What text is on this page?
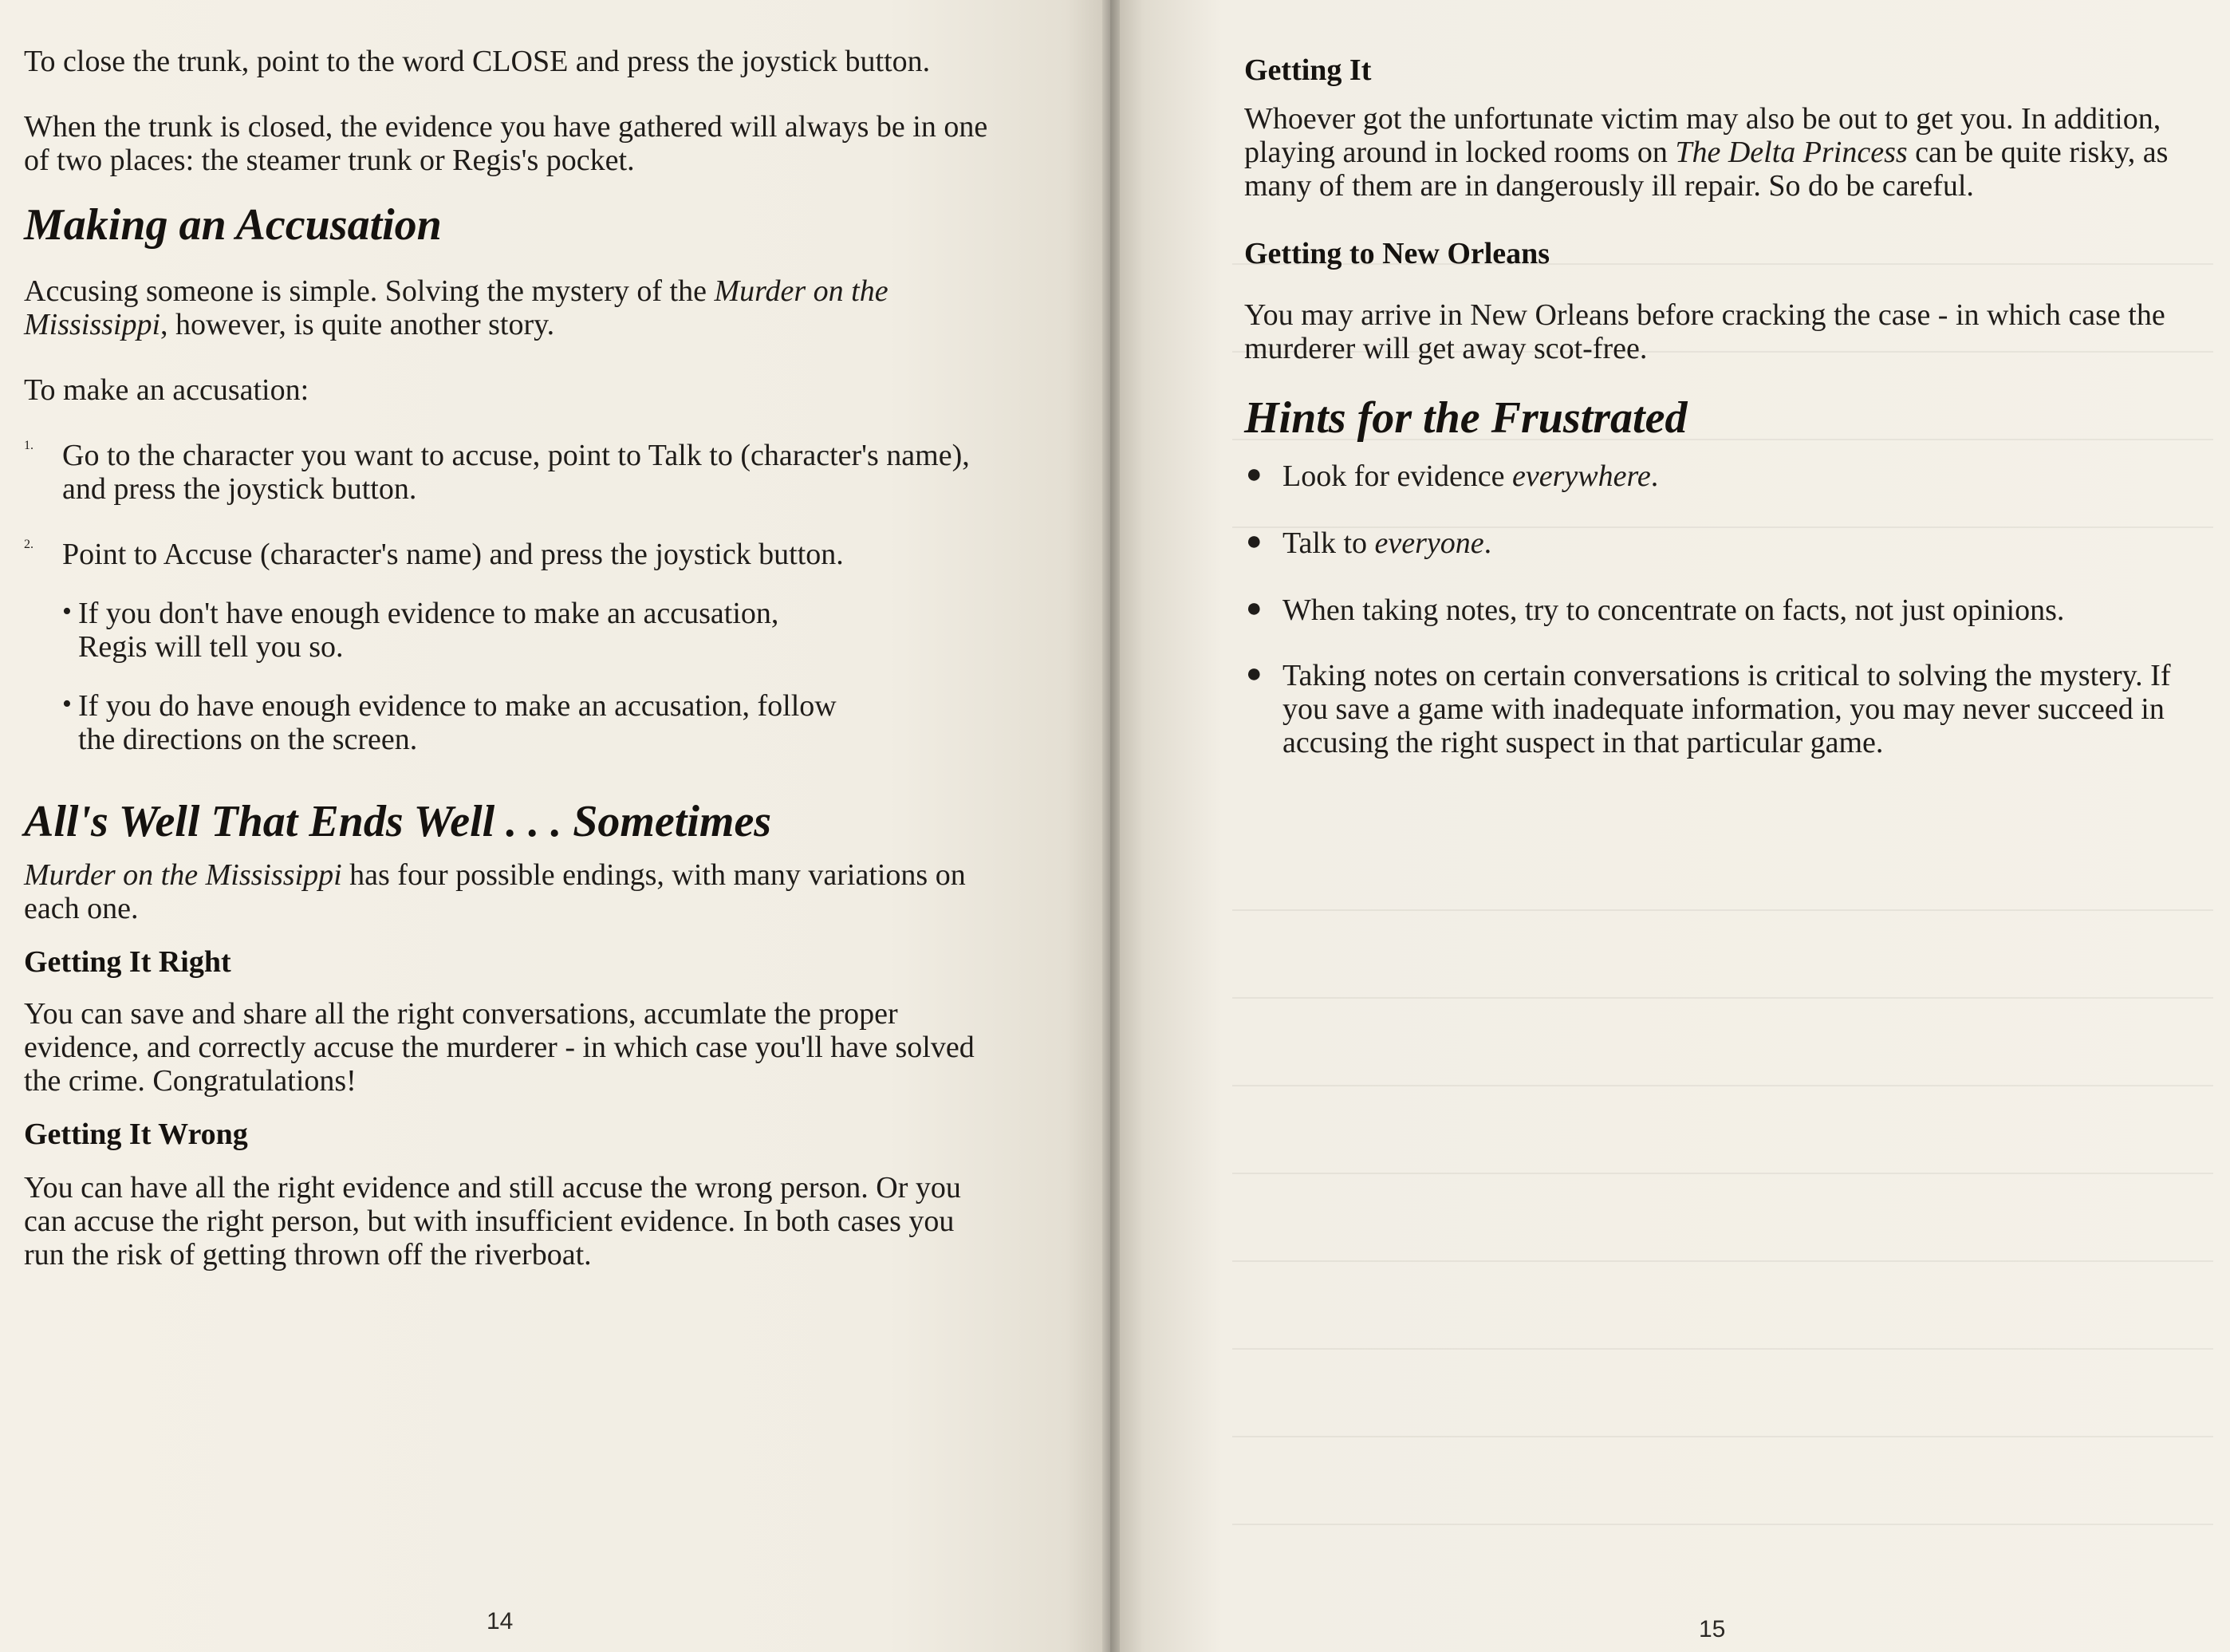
To close the trunk, point to the word CLOSE and press the joystick button.

When the trunk is closed, the evidence you have gathered will always be in one of two places: the steamer trunk or Regis's pocket.

Making an Accusation

Accusing someone is simple. Solving the mystery of the Murder on the Mississippi, however, is quite another story.

To make an accusation:

1. Go to the character you want to accuse, point to Talk to (character's name), and press the joystick button.

2. Point to Accuse (character's name) and press the joystick button.

• If you don't have enough evidence to make an accusation,

Regis will tell you so.

• If you do have enough evidence to make an accusation, follow

the directions on the screen.

All's Well That Ends Well . . . Sometimes

Murder on the Mississippi has four possible endings, with many variations on each one.

Getting It Right

You can save and share all the right conversations, accumlate the proper evidence, and correctly accuse the murderer - in which case you'll have solved the crime. Congratulations!

Getting It Wrong

You can have all the right evidence and still accuse the wrong person. Or you can accuse the right person, but with insufficient evidence. In both cases you run the risk of getting thrown off the riverboat.

14
Getting It

Whoever got the unfortunate victim may also be out to get you. In addition, playing around in locked rooms on The Delta Princess can be quite risky, as many of them are in dangerously ill repair. So do be careful.

Getting to New Orleans

You may arrive in New Orleans before cracking the case - in which case the murderer will get away scot-free.

Hints for the Frustrated
● Look for evidence everywhere.

● Talk to everyone.

● When taking notes, try to concentrate on facts, not just opinions.

● Taking notes on certain conversations is critical to solving the mystery. If you save a game with inadequate information, you may never succeed in accusing the right suspect in that particular game.

15
